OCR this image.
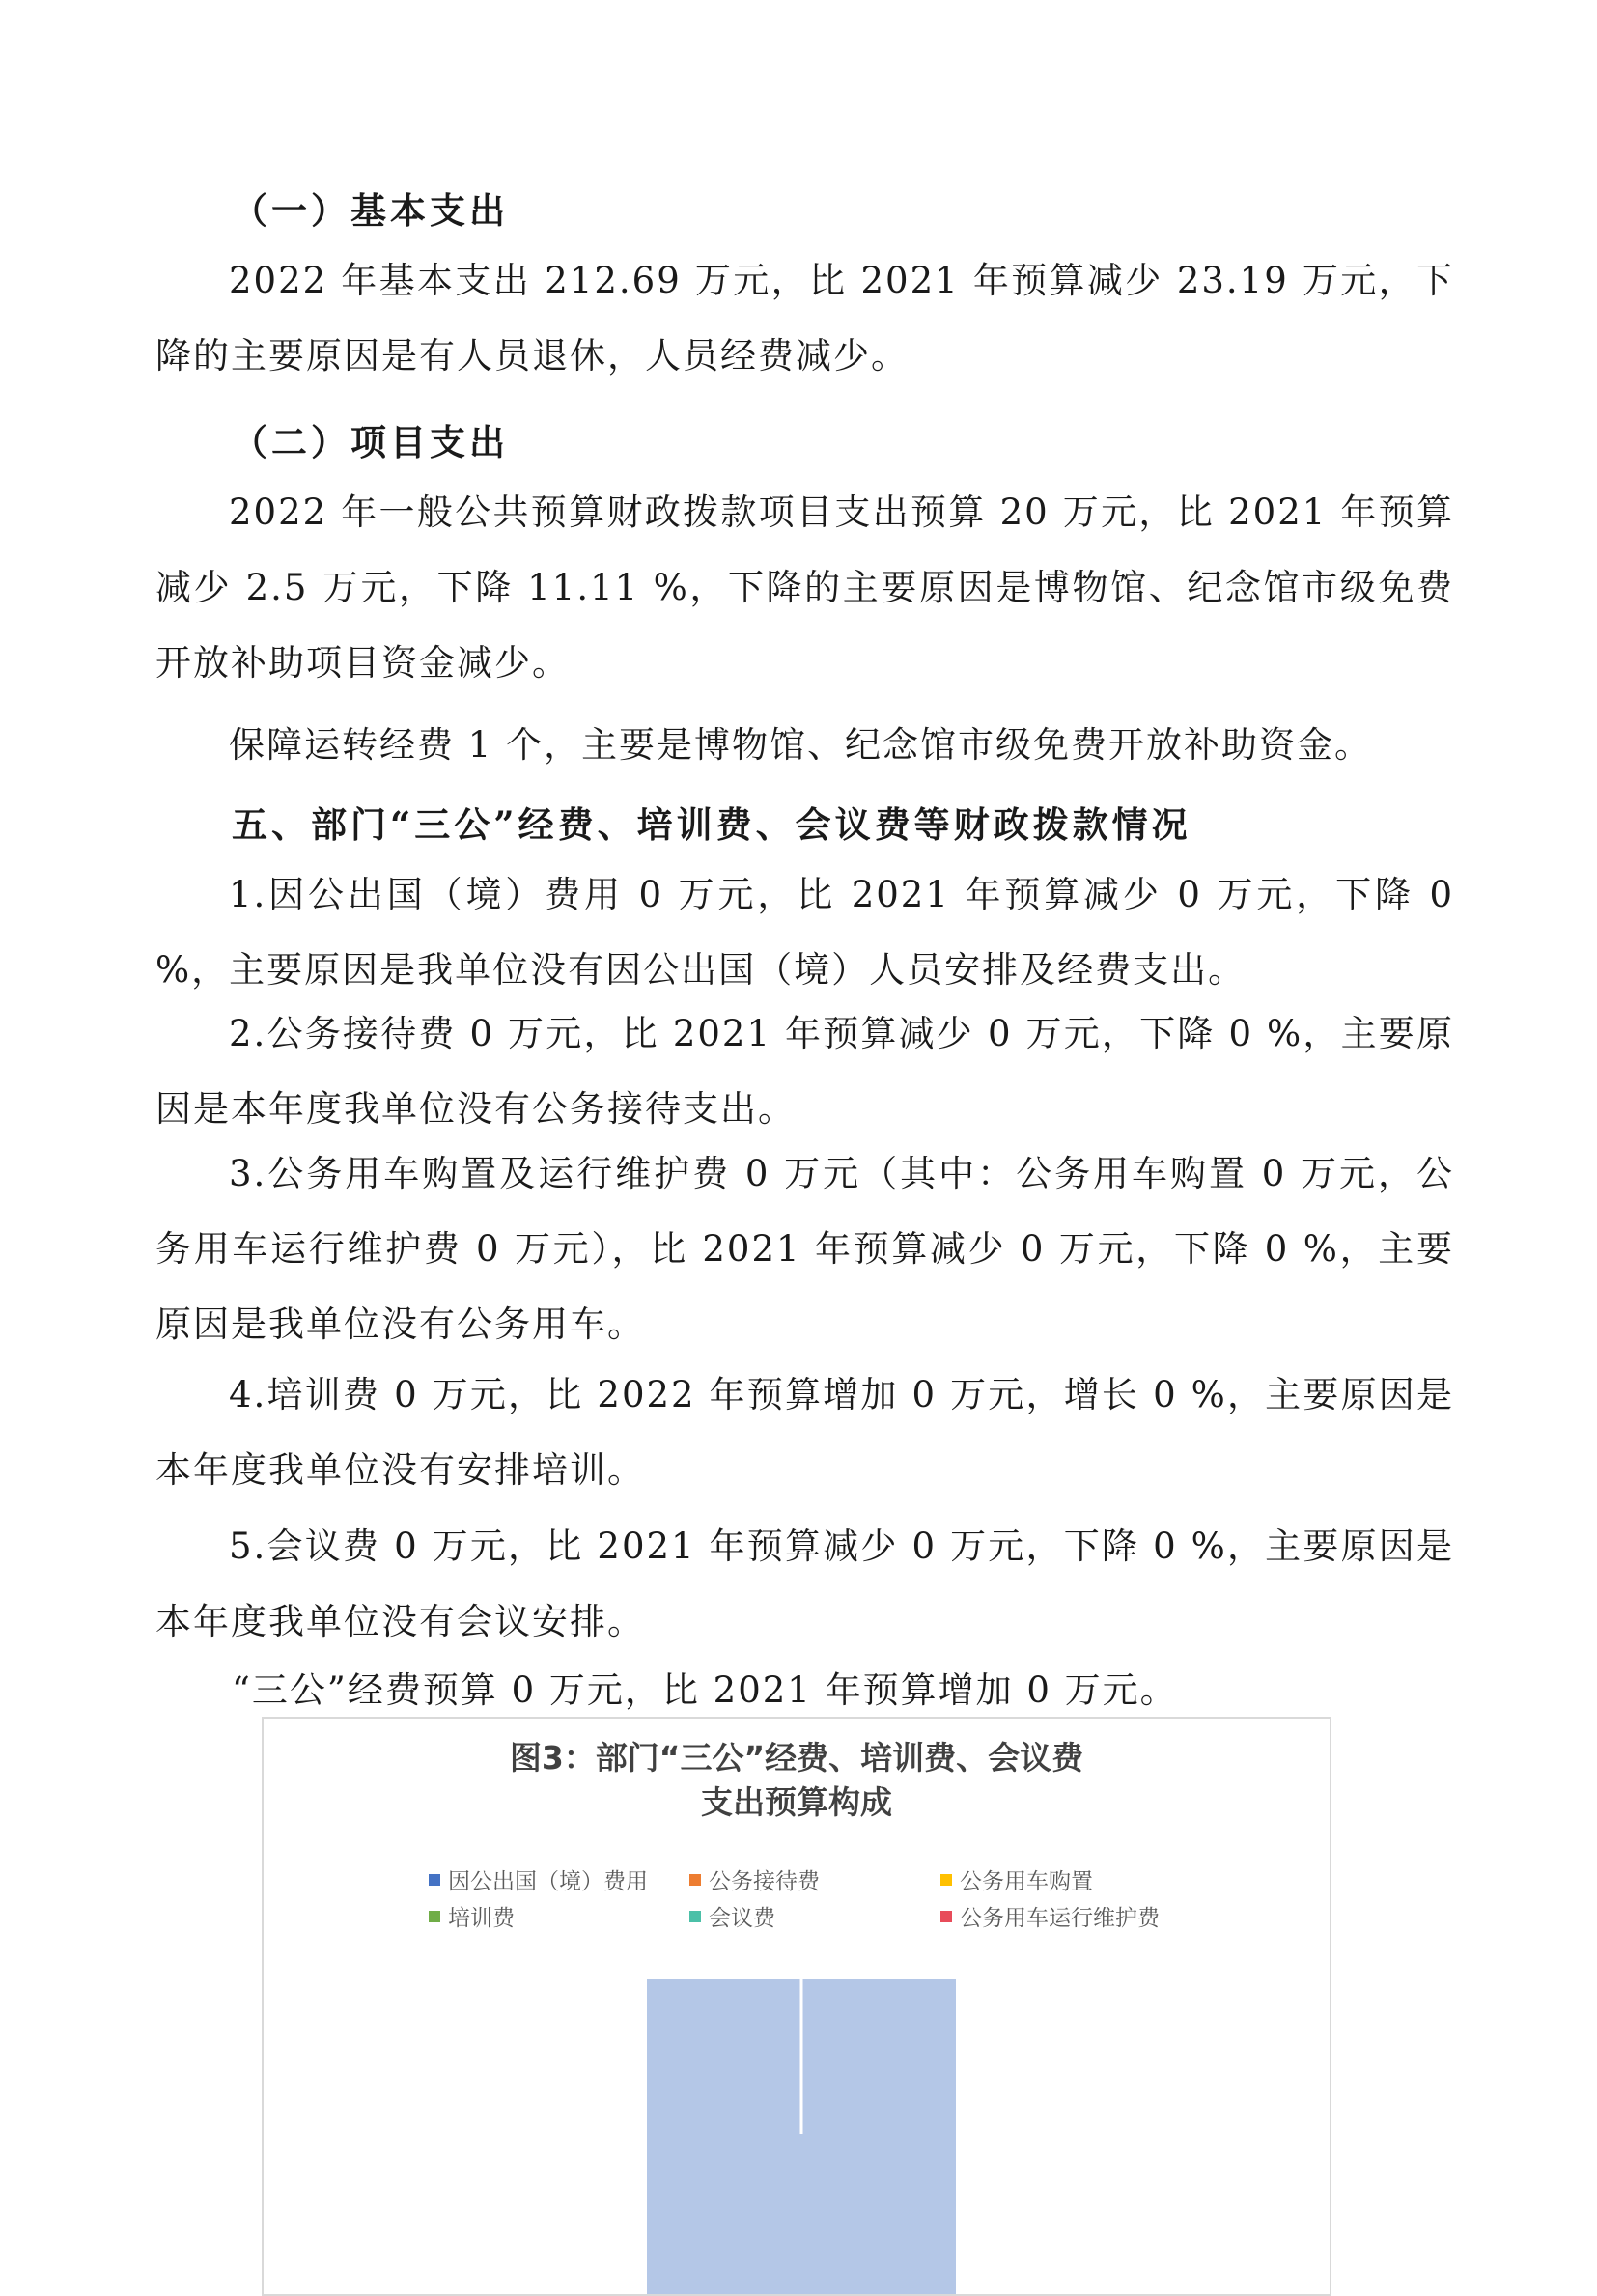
（一）基本支出
2022 年基本支出 212.69 万元，比 2021 年预算减少 23.19 万元，下降的主要原因是有人员退休，人员经费减少。
（二）项目支出
2022 年一般公共预算财政拨款项目支出预算 20 万元，比 2021 年预算减少 2.5 万元，下降 11.11 %，下降的主要原因是博物馆、纪念馆市级免费开放补助项目资金减少。
保障运转经费 1 个，主要是博物馆、纪念馆市级免费开放补助资金。
五、部门“三公”经费、培训费、会议费等财政拨款情况
1.因公出国（境）费用 0 万元，比 2021 年预算减少 0 万元，下降 0 %，主要原因是我单位没有因公出国（境）人员安排及经费支出。
2.公务接待费 0 万元，比 2021 年预算减少 0 万元，下降 0 %，主要原因是本年度我单位没有公务接待支出。
3.公务用车购置及运行维护费 0 万元（其中：公务用车购置 0 万元，公务用车运行维护费 0 万元），比 2021 年预算减少 0 万元，下降 0 %，主要原因是我单位没有公务用车。
4.培训费 0 万元，比 2022 年预算增加 0 万元，增长 0 %，主要原因是本年度我单位没有安排培训。
5.会议费 0 万元，比 2021 年预算减少 0 万元，下降 0 %，主要原因是本年度我单位没有会议安排。
“三公”经费预算 0 万元，比 2021 年预算增加 0 万元。
图3：部门“三公”经费、培训费、会议费
支出预算构成
因公出国（境）费用	公务接待费	公务用车购置
培训费	会议费	公务用车运行维护费
